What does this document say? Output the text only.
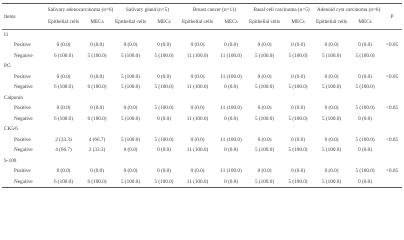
Items	Salivary adenocarcinoma (n=6)		Salivary gland (n=5)		Breast cancer (n=11)		Basal cell carcinoma (n=5)		Adenoid cyst carcinoma (n=6)		P
	Epithelial cells	MECs	Epithelial cells	MECs	Epithelial cells	MECs	Epithelial cells	MECs	Epithelial cells	MECs	
I1											
Positive	0 (0.0)	0 (0.0)	0 (0.0)	0 (0.0)	0 (0.0)	0 (0.0)	0 (0.0)	0 (0.0)	0 (0.0)	0 (0.0)	<0.05
Negative	6 (100.0)	5 (100.0)	5 (100.0)	5 (100.0)	11 (100.0)	11 (100.0)	5 (100.0)	5 (100.0)	5 (100.0)	5 (100.0)	
PG											
Positive	0 (0.0)	0 (0.0)	5 (100.0)	0 (0.0)	0 (0.0)	11 (100.0)	0 (0.0)	0 (0.0)	0 (0.0)	0 (0.0)	<0.05
Negative	6 (100.0)	6 (100.0)	5 (100.0)	5 (100.0)	11 (100.0)	0 (0.0)	5 (100.0)	5 (100.0)	5 (100.0)	5 (100.0)	
Calponin											
Positive	0 (0.0)	0 (0.0)	0 (0.0)	5 (100.0)	0 (0.0)	11 (100.0)	0 (0.0)	0 (0.0)	0 (0.0)	5 (100.0)	<0.05
Negative	6 (100.0)	6 (100.0)	5 (100.0)	0 (0.0)	11 (100.0)	0 (0.0)	5 (100.0)	5 (100.0)	5 (100.0)	0 (0.0)	
CK5/6											
Positive	2 (33.3)	4 (66.7)	5 (100.0)	5 (100.0)	0 (0.0)	11 (100.0)	0 (0.0)	0 (0.0)	0 (0.0)	5 (100.0)	<0.05
Negative	4 (66.7)	2 (33.3)	0 (0.0)	0 (0.0)	11 (100.0)	0 (0.0)	5 (100.0)	5 (100.0)	5 (100.0)	0 (0.0)	
S-100											
Positive	0 (0.0)	0 (0.0)	0 (0.0)	0 (0.0)	0 (0.0)	11 (100.0)	0 (0.0)	0 (0.0)	0 (0.0)	5 (100.0)	<0.05
Negative	6 (100.0)	6 (100.0)	5 (100.0)	5 (100.0)	11 (100.0)	0 (0.0)	5 (100.0)	5 (100.0)	5 (100.0)	0 (0.0)	
